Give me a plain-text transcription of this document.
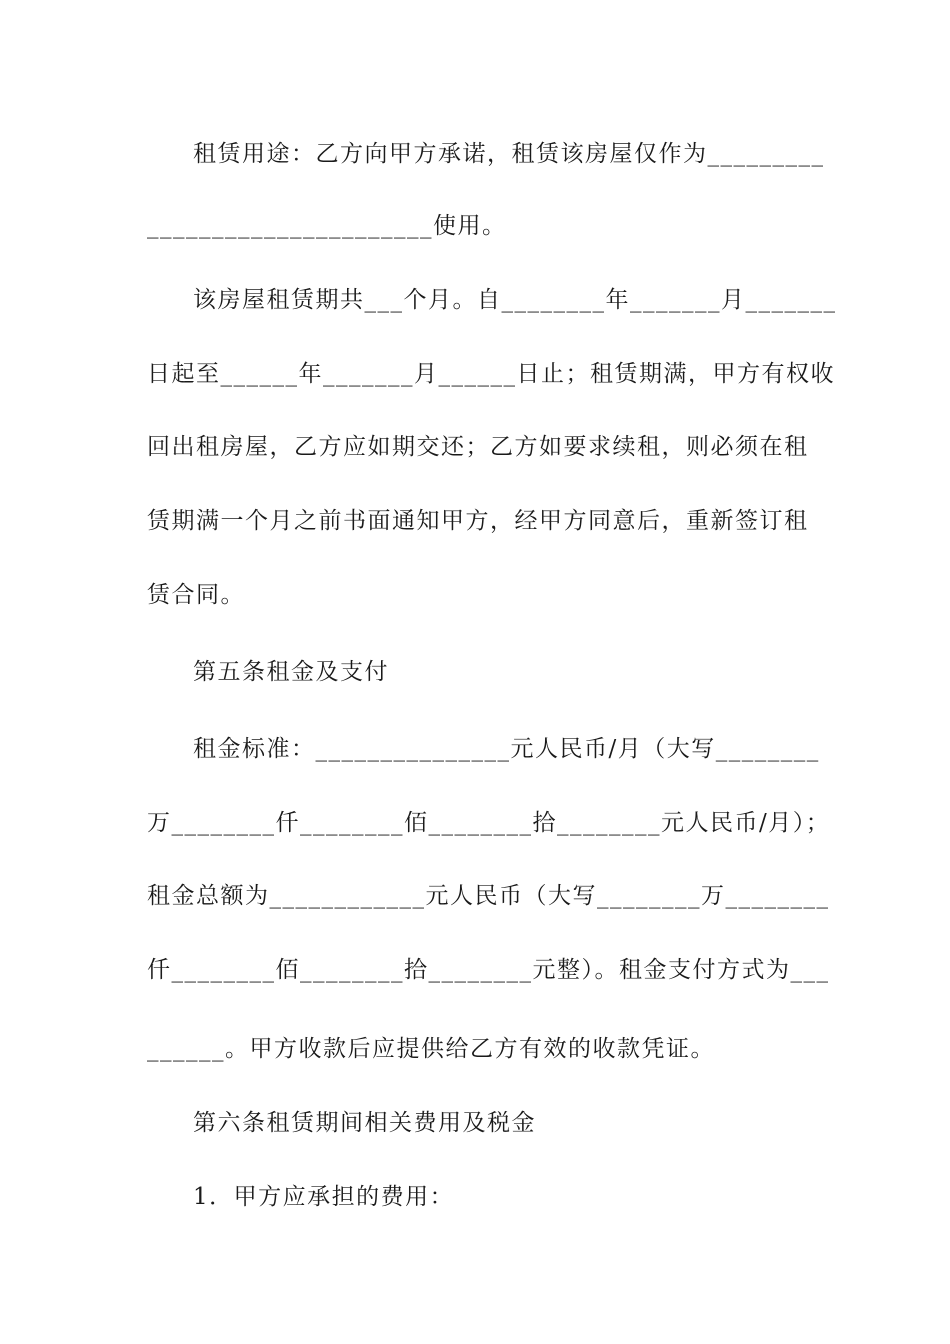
租赁用途：乙方向甲方承诺，租赁该房屋仅作为_________

______________________使用。

该房屋租赁期共___个月。自________年_______月_______

日起至______年_______月______日止；租赁期满，甲方有权收

回出租房屋，乙方应如期交还；乙方如要求续租，则必须在租

赁期满一个月之前书面通知甲方，经甲方同意后，重新签订租

赁合同。

第五条租金及支付

租金标准：_______________元人民币/月（大写________

万________仟________佰________拾________元人民币/月）；

租金总额为____________元人民币（大写________万________

仟________佰________拾________元整）。租金支付方式为___

______。甲方收款后应提供给乙方有效的收款凭证。

第六条租赁期间相关费用及税金

1．甲方应承担的费用：
